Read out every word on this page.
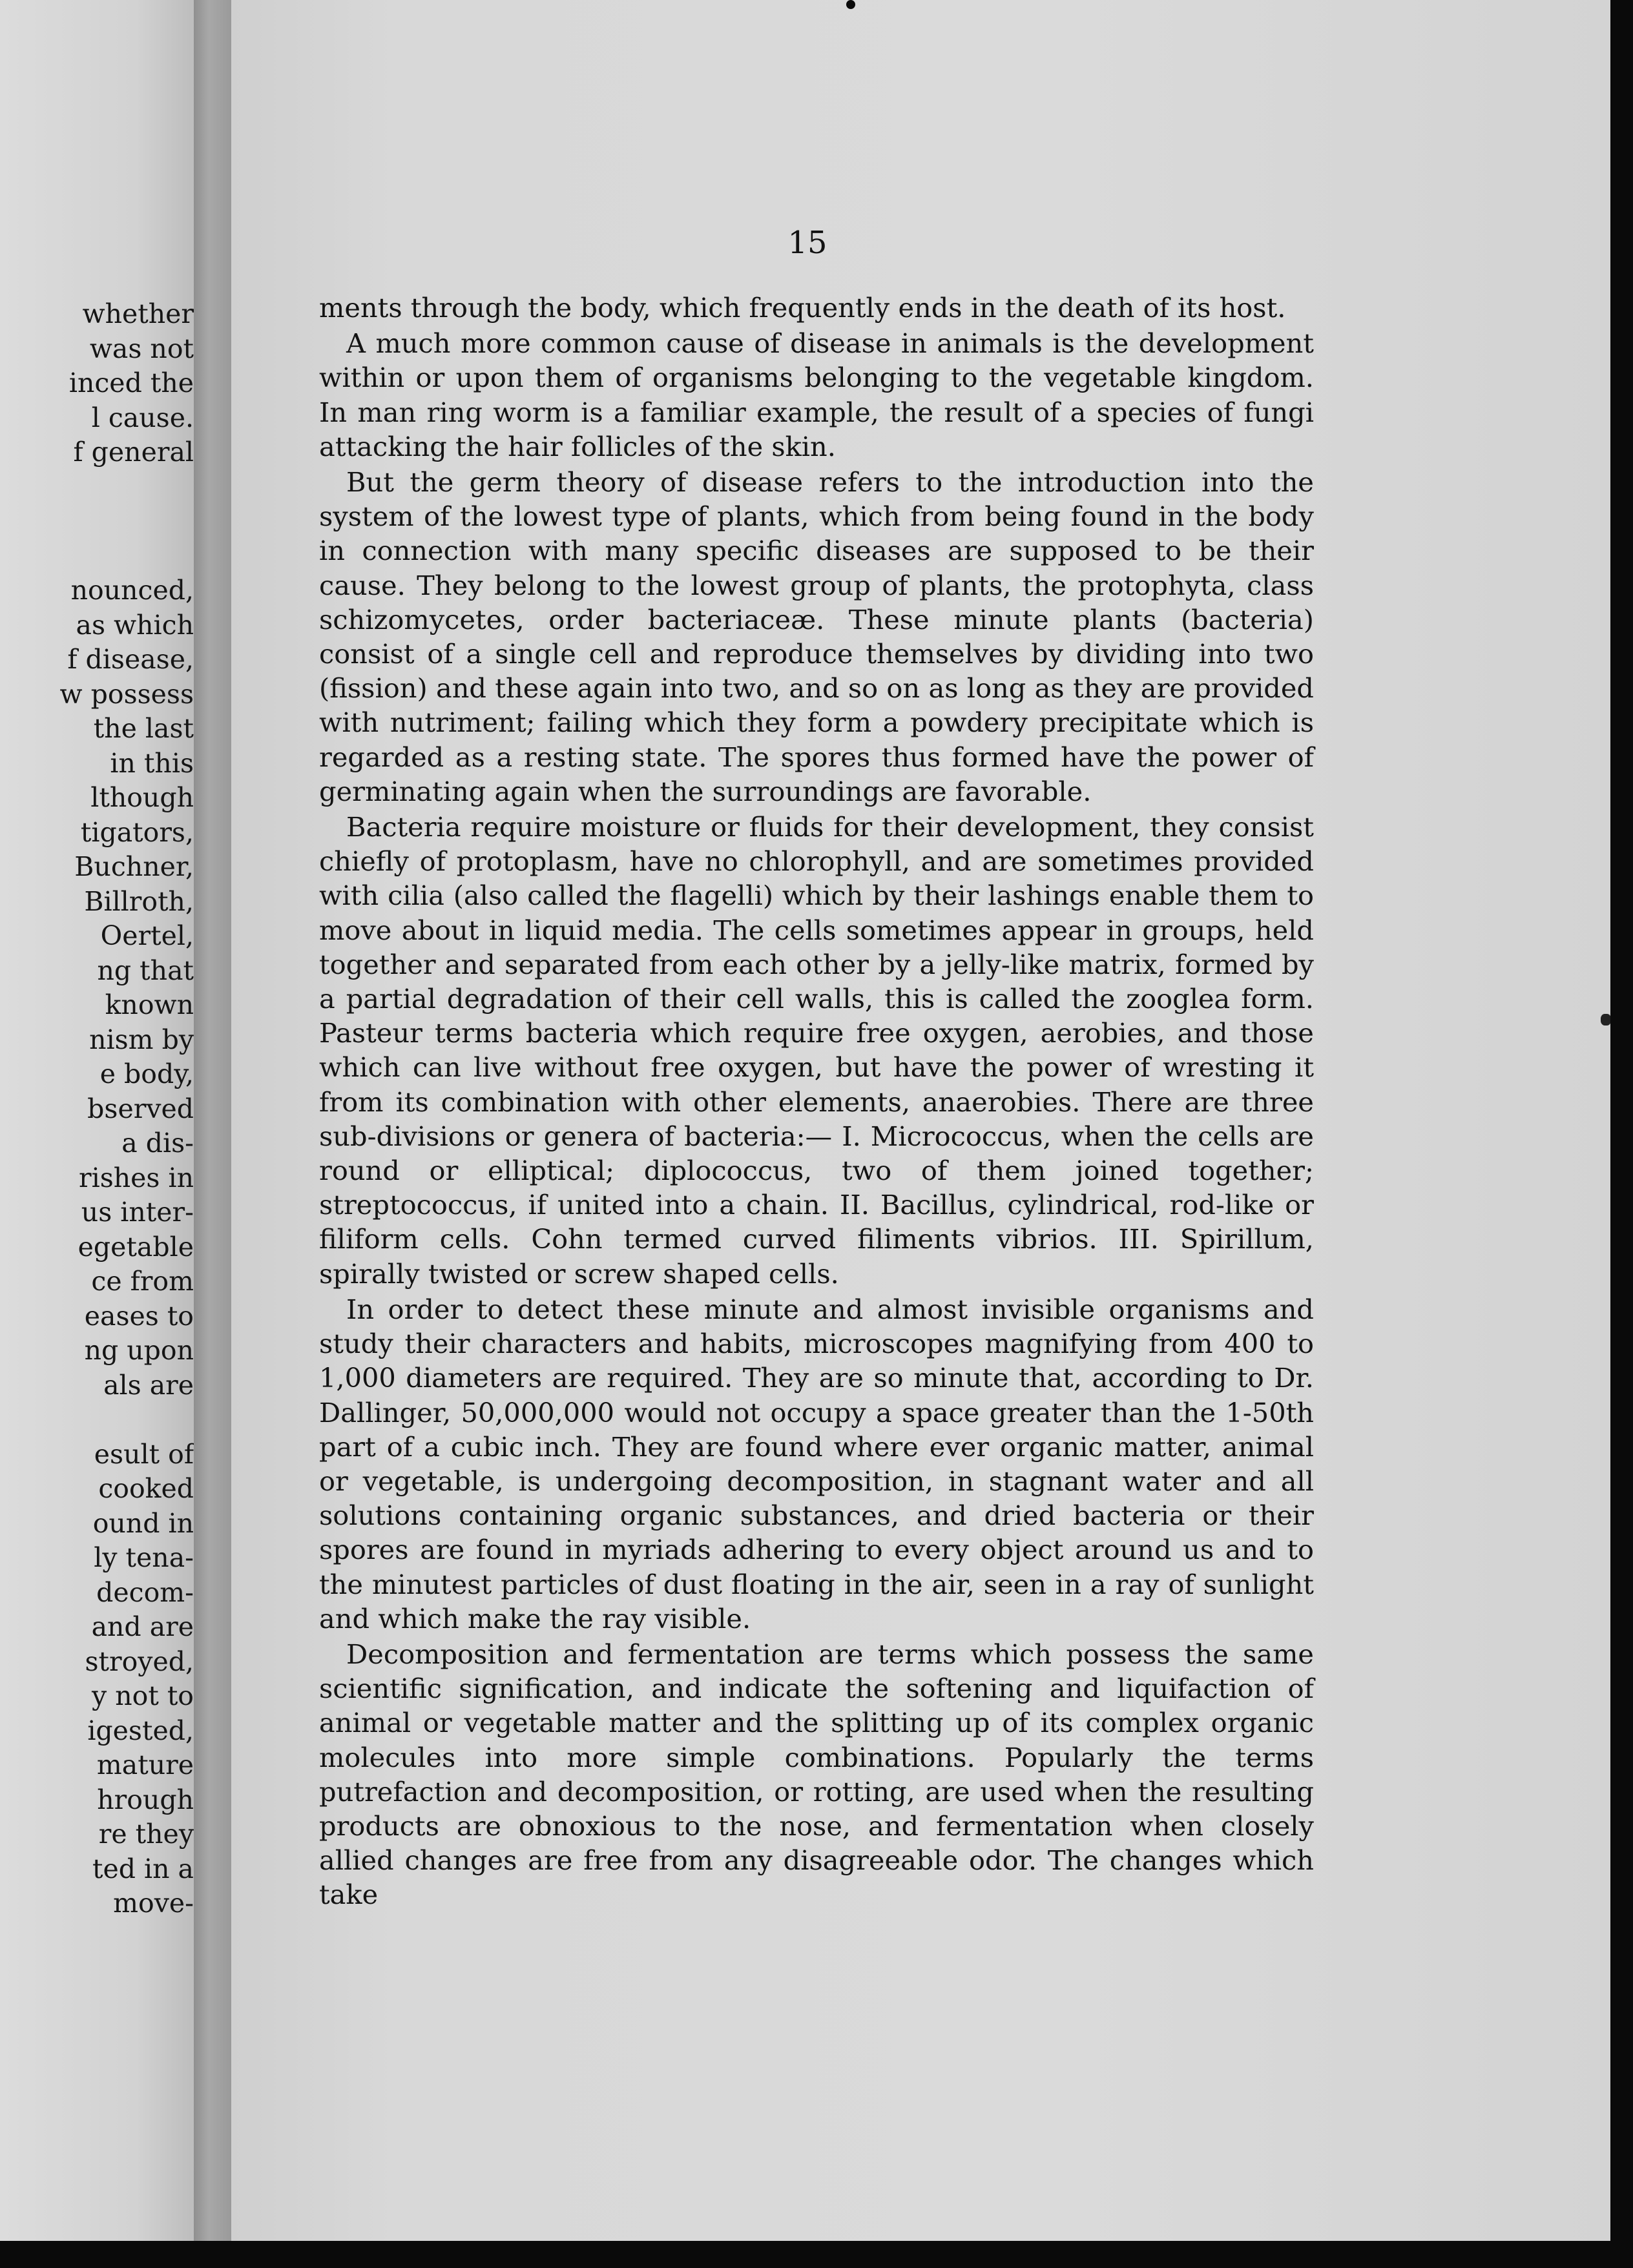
whether
was not
inced the
l cause.
f general
nounced,
as which
f disease,
w possess
the last
in this
lthough
tigators,
Buchner,
Billroth,
Oertel,
ng that
known
nism by
e body,
bserved
a dis-
rishes in
us inter-
egetable
ce from
eases to
ng upon
als are
esult of
cooked
ound in
ly tena-
decom-
and are
stroyed,
y not to
igested,
mature
hrough
re they
ted in a
move-
15

ments through the body, which frequently ends in the death of its host.

A much more common cause of disease in animals is the development within or upon them of organisms belonging to the vegetable kingdom. In man ring worm is a familiar example, the result of a species of fungi attacking the hair follicles of the skin.

But the germ theory of disease refers to the introduction into the system of the lowest type of plants, which from being found in the body in connection with many specific diseases are supposed to be their cause. They belong to the lowest group of plants, the protophyta, class schizomycetes, order bacteriaceæ. These minute plants (bacteria) consist of a single cell and reproduce themselves by dividing into two (fission) and these again into two, and so on as long as they are provided with nutriment; failing which they form a powdery precipitate which is regarded as a resting state. The spores thus formed have the power of germinating again when the surroundings are favorable.

Bacteria require moisture or fluids for their development, they consist chiefly of protoplasm, have no chlorophyll, and are sometimes provided with cilia (also called the flagelli) which by their lashings enable them to move about in liquid media. The cells sometimes appear in groups, held together and separated from each other by a jelly-like matrix, formed by a partial degradation of their cell walls, this is called the zooglea form. Pasteur terms bacteria which require free oxygen, aerobies, and those which can live without free oxygen, but have the power of wresting it from its combination with other elements, anaerobies. There are three sub-divisions or genera of bacteria:— I. Micrococcus, when the cells are round or elliptical; diplococcus, two of them joined together; streptococcus, if united into a chain. II. Bacillus, cylindrical, rod-like or filiform cells. Cohn termed curved filiments vibrios. III. Spirillum, spirally twisted or screw shaped cells.

In order to detect these minute and almost invisible organisms and study their characters and habits, microscopes magnifying from 400 to 1,000 diameters are required. They are so minute that, according to Dr. Dallinger, 50,000,000 would not occupy a space greater than the 1-50th part of a cubic inch. They are found where ever organic matter, animal or vegetable, is undergoing decomposition, in stagnant water and all solutions containing organic substances, and dried bacteria or their spores are found in myriads adhering to every object around us and to the minutest particles of dust floating in the air, seen in a ray of sunlight and which make the ray visible.

Decomposition and fermentation are terms which possess the same scientific signification, and indicate the softening and liquifaction of animal or vegetable matter and the splitting up of its complex organic molecules into more simple combinations. Popularly the terms putrefaction and decomposition, or rotting, are used when the resulting products are obnoxious to the nose, and fermentation when closely allied changes are free from any disagreeable odor. The changes which take
